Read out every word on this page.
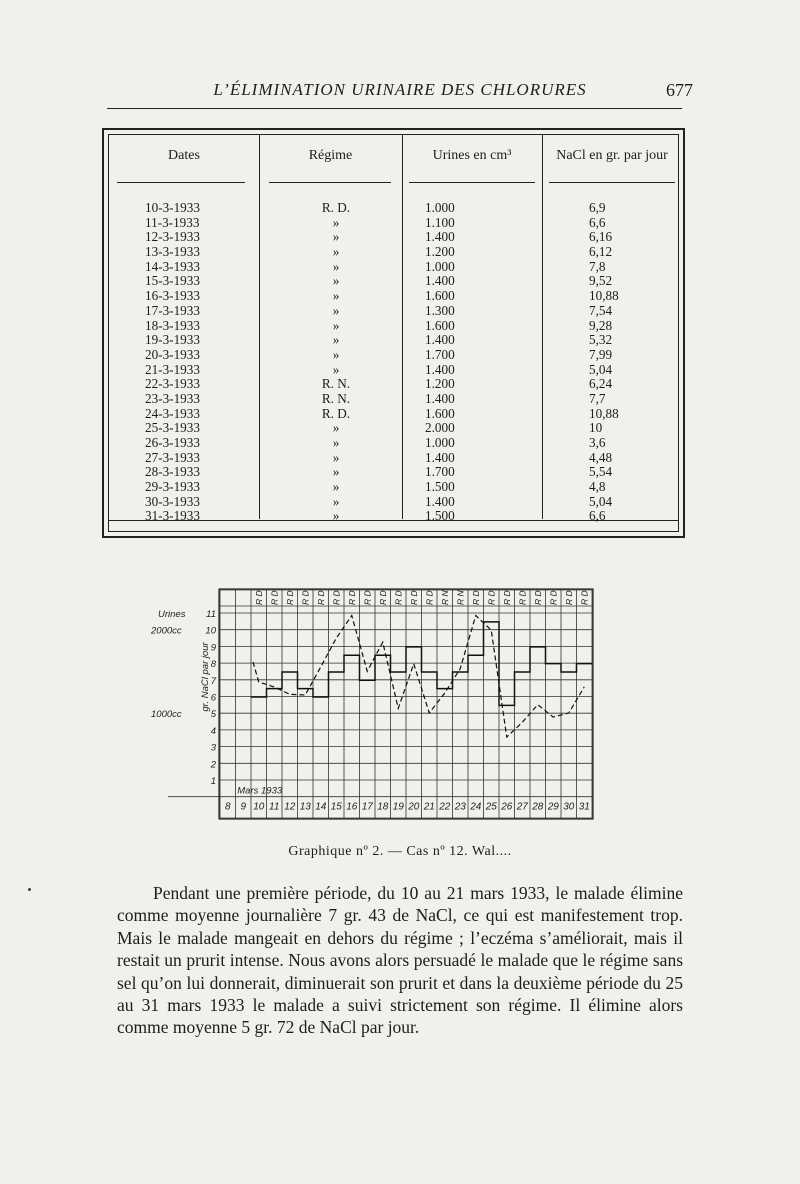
L’ÉLIMINATION URINAIRE DES CHLORURES	677
Dates	Régime	Urines en cm³	NaCl en gr. par jour
10-3-1933	R. D.	1.000	6,9
11-3-1933	»	1.100	6,6
12-3-1933	»	1.400	6,16
13-3-1933	»	1.200	6,12
14-3-1933	»	1.000	7,8
15-3-1933	»	1.400	9,52
16-3-1933	»	1.600	10,88
17-3-1933	»	1.300	7,54
18-3-1933	»	1.600	9,28
19-3-1933	»	1.400	5,32
20-3-1933	»	1.700	7,99
21-3-1933	»	1.400	5,04
22-3-1933	R. N.	1.200	6,24
23-3-1933	R. N.	1.400	7,7
24-3-1933	R. D.	1.600	10,88
25-3-1933	»	2.000	10
26-3-1933	»	1.000	3,6
27-3-1933	»	1.400	4,48
28-3-1933	»	1.700	5,54
29-3-1933	»	1.500	4,8
30-3-1933	»	1.400	5,04
31-3-1933	»	1.500	6,6
R D R D R D R D R D R D R D R D R D R D R D R D R N R N R D R D R D R D R D R D R D R D
1
2
3
4
5
6
7
8
9
10
11
Urines
2000cc
1000cc
gr. NaCl par jour
Mars 1933
8 9 10 11 12 13 14 15 16 17 18 19 20 21 22 23 24 25 26 27 28 29 30 31
Graphique nº 2. — Cas nº 12. Wal....
Pendant une première période, du 10 au 21 mars 1933, le malade élimine comme moyenne journalière 7 gr. 43 de NaCl, ce qui est manifestement trop. Mais le malade mangeait en dehors du régime ; l’eczéma s’améliorait, mais il restait un prurit intense. Nous avons alors persuadé le malade que le régime sans sel qu’on lui donnerait, diminuerait son prurit et dans la deuxième période du 25 au 31 mars 1933 le malade a suivi strictement son régime. Il élimine alors comme moyenne 5 gr. 72 de NaCl par jour.
